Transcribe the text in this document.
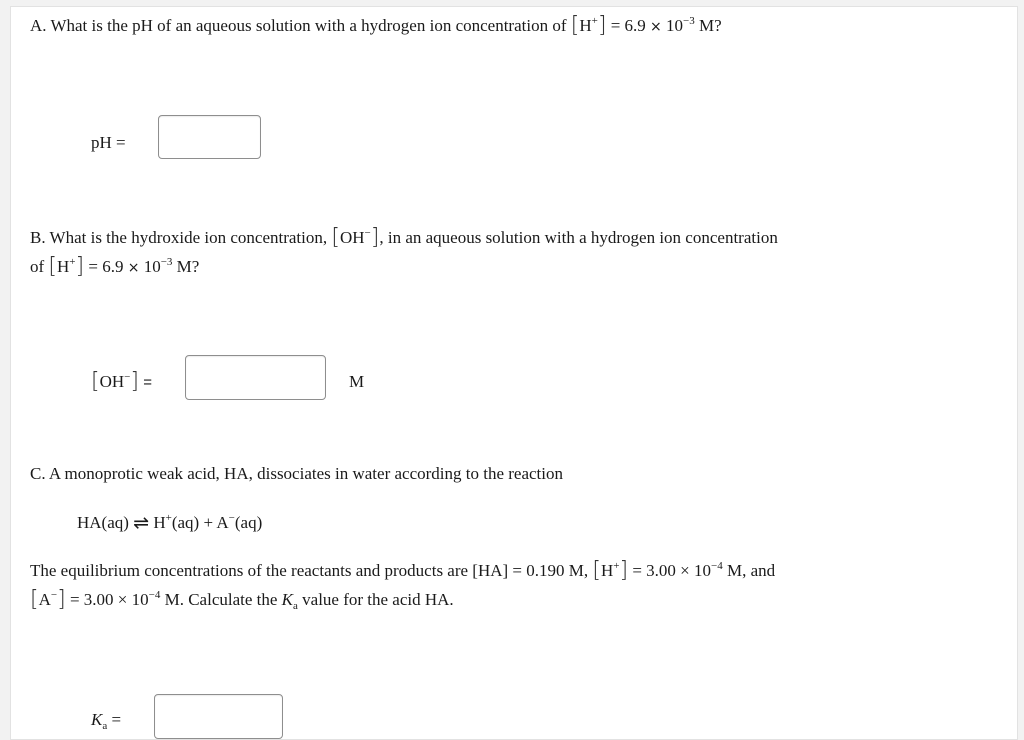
A. What is the pH of an aqueous solution with a hydrogen ion concentration of $[H^+] = 6.9 \times 10^{-3}$ M?
pH =
B. What is the hydroxide ion concentration, [OH−], in an aqueous solution with a hydrogen ion concentration
of $[H^+] = 6.9 \times 10^{-3}$ M?
[OH−] =	M
C. A monoprotic weak acid, HA, dissociates in water according to the reaction
HA(aq) ⇌ H+(aq) + A−(aq)
The equilibrium concentrations of the reactants and products are [HA] = 0.190 M, $[H^+] = 3.00 \times 10^{-4}$ M, and
$[A^-] = 3.00 \times 10^{-4}$ M. Calculate the $K_a$ value for the acid HA.
$K_a$ =
